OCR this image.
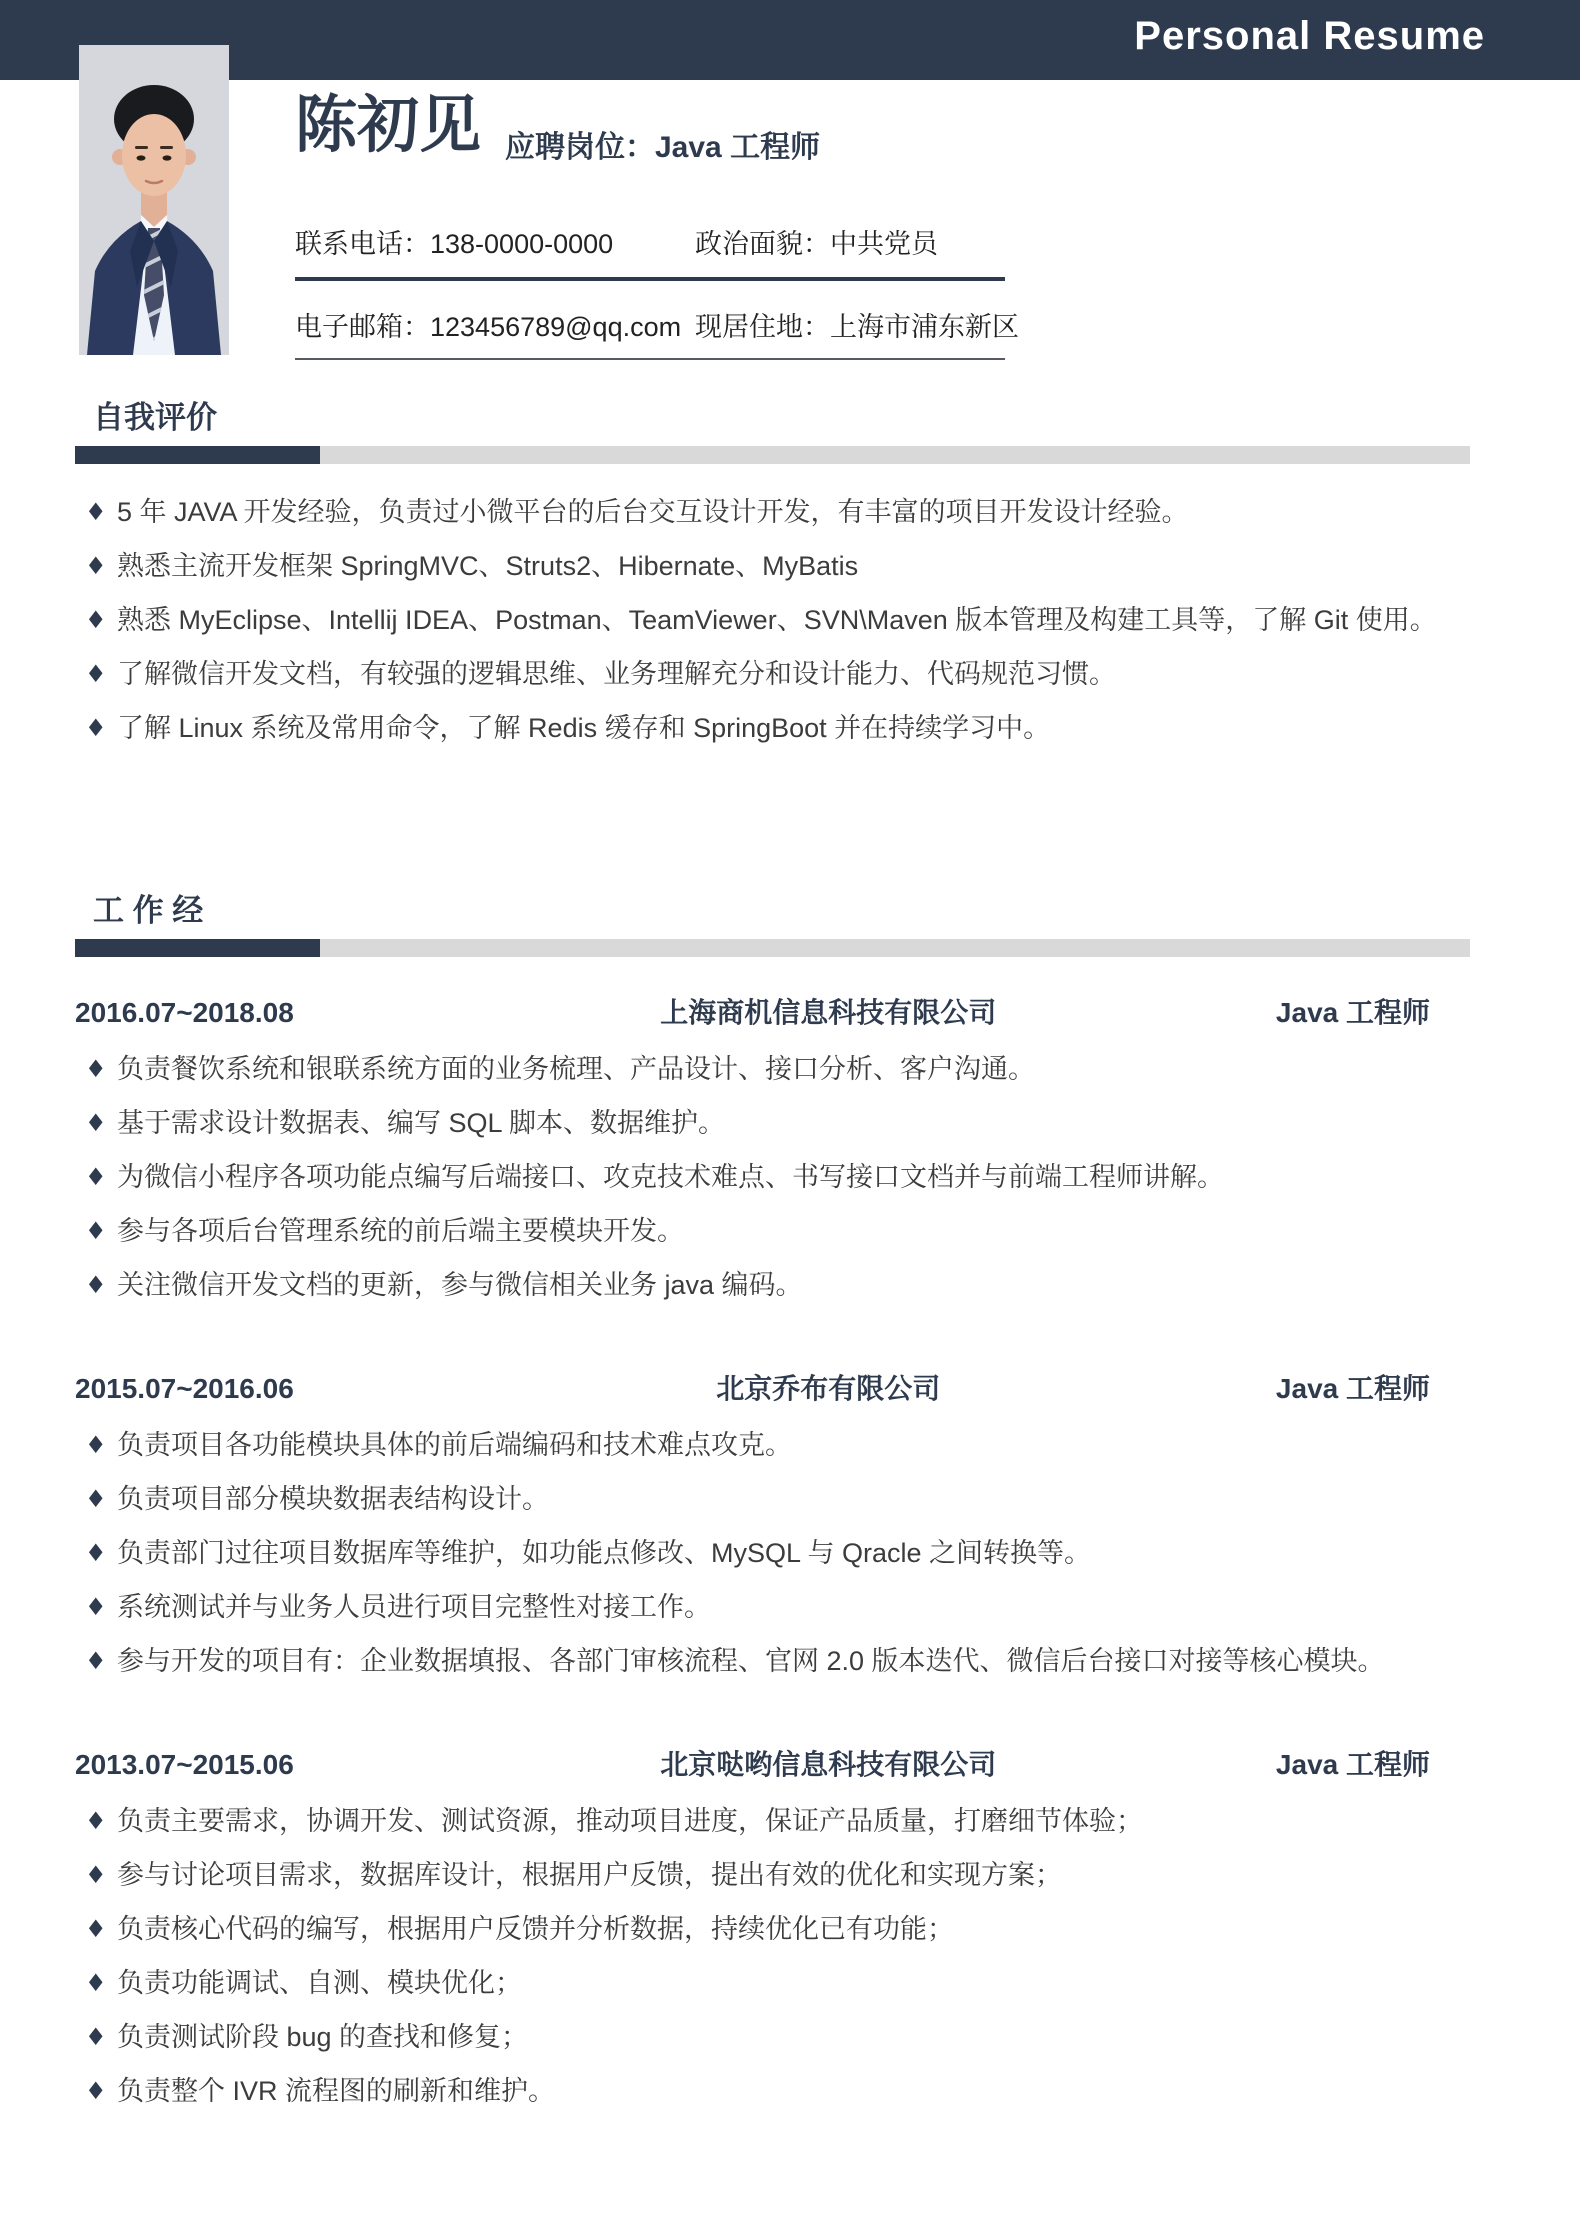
Personal Resume
陈初见 应聘岗位：Java 工程师
联系电话：138-0000-0000	政治面貌：中共党员
电子邮箱：123456789@qq.com 现居住地：上海市浦东新区
自我评价
♦ 5 年 JAVA 开发经验，负责过小微平台的后台交互设计开发，有丰富的项目开发设计经验。
♦ 熟悉主流开发框架 SpringMVC、Struts2、Hibernate、MyBatis
♦ 熟悉 MyEclipse、Intellij IDEA、Postman、TeamViewer、SVN\Maven 版本管理及构建工具等，了解 Git 使用。
♦ 了解微信开发文档，有较强的逻辑思维、业务理解充分和设计能力、代码规范习惯。
♦ 了解 Linux 系统及常用命令，了解 Redis 缓存和 SpringBoot 并在持续学习中。
工 作 经
2016.07~2018.08	上海商机信息科技有限公司	Java 工程师
♦ 负责餐饮系统和银联系统方面的业务梳理、产品设计、接口分析、客户沟通。
♦ 基于需求设计数据表、编写 SQL 脚本、数据维护。
♦ 为微信小程序各项功能点编写后端接口、攻克技术难点、书写接口文档并与前端工程师讲解。
♦ 参与各项后台管理系统的前后端主要模块开发。
♦ 关注微信开发文档的更新，参与微信相关业务 java 编码。
2015.07~2016.06	北京乔布有限公司	Java 工程师
♦ 负责项目各功能模块具体的前后端编码和技术难点攻克。
♦ 负责项目部分模块数据表结构设计。
♦ 负责部门过往项目数据库等维护，如功能点修改、MySQL 与 Qracle 之间转换等。
♦ 系统测试并与业务人员进行项目完整性对接工作。
♦ 参与开发的项目有：企业数据填报、各部门审核流程、官网 2.0 版本迭代、微信后台接口对接等核心模块。
2013.07~2015.06	北京哒哟信息科技有限公司	Java 工程师
♦ 负责主要需求，协调开发、测试资源，推动项目进度，保证产品质量，打磨细节体验；
♦ 参与讨论项目需求，数据库设计，根据用户反馈，提出有效的优化和实现方案；
♦ 负责核心代码的编写，根据用户反馈并分析数据，持续优化已有功能；
♦ 负责功能调试、自测、模块优化；
♦ 负责测试阶段 bug 的查找和修复；
♦ 负责整个 IVR 流程图的刷新和维护。
